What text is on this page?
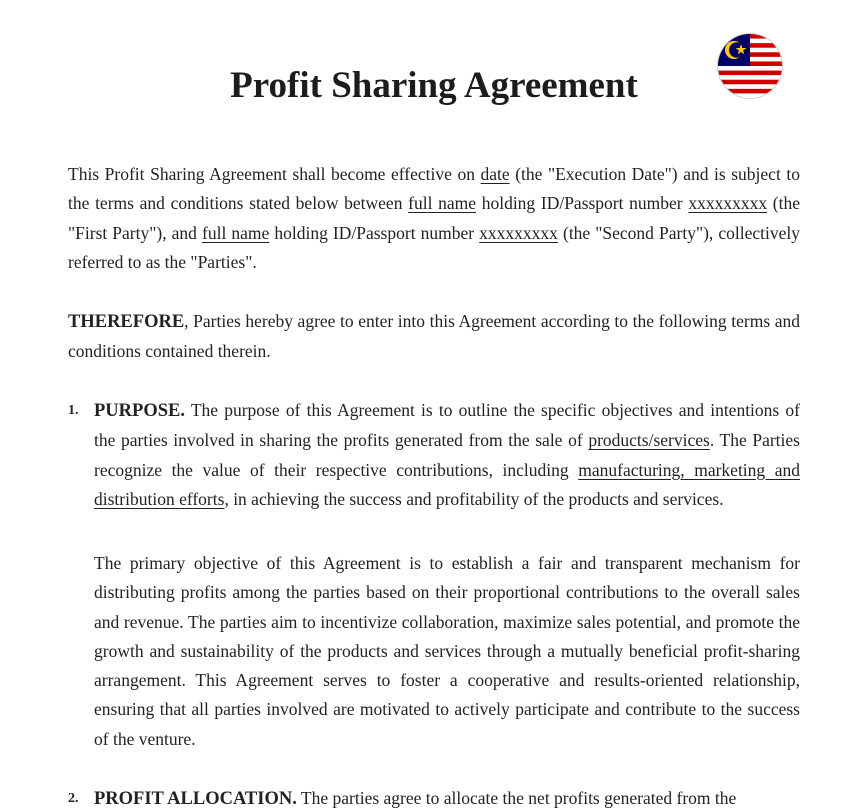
Profit Sharing Agreement

This Profit Sharing Agreement shall become effective on date (the "Execution Date") and is subject to the terms and conditions stated below between full name holding ID/Passport number xxxxxxxxx (the "First Party"), and full name holding ID/Passport number xxxxxxxxx (the "Second Party"), collectively referred to as the "Parties".

THEREFORE, Parties hereby agree to enter into this Agreement according to the following terms and conditions contained therein.

1. PURPOSE. The purpose of this Agreement is to outline the specific objectives and intentions of the parties involved in sharing the profits generated from the sale of products/services. The Parties recognize the value of their respective contributions, including manufacturing, marketing and distribution efforts, in achieving the success and profitability of the products and services.

The primary objective of this Agreement is to establish a fair and transparent mechanism for distributing profits among the parties based on their proportional contributions to the overall sales and revenue. The parties aim to incentivize collaboration, maximize sales potential, and promote the growth and sustainability of the products and services through a mutually beneficial profit-sharing arrangement. This Agreement serves to foster a cooperative and results-oriented relationship, ensuring that all parties involved are motivated to actively participate and contribute to the success of the venture.

2. PROFIT ALLOCATION. The parties agree to allocate the net profits generated from the
